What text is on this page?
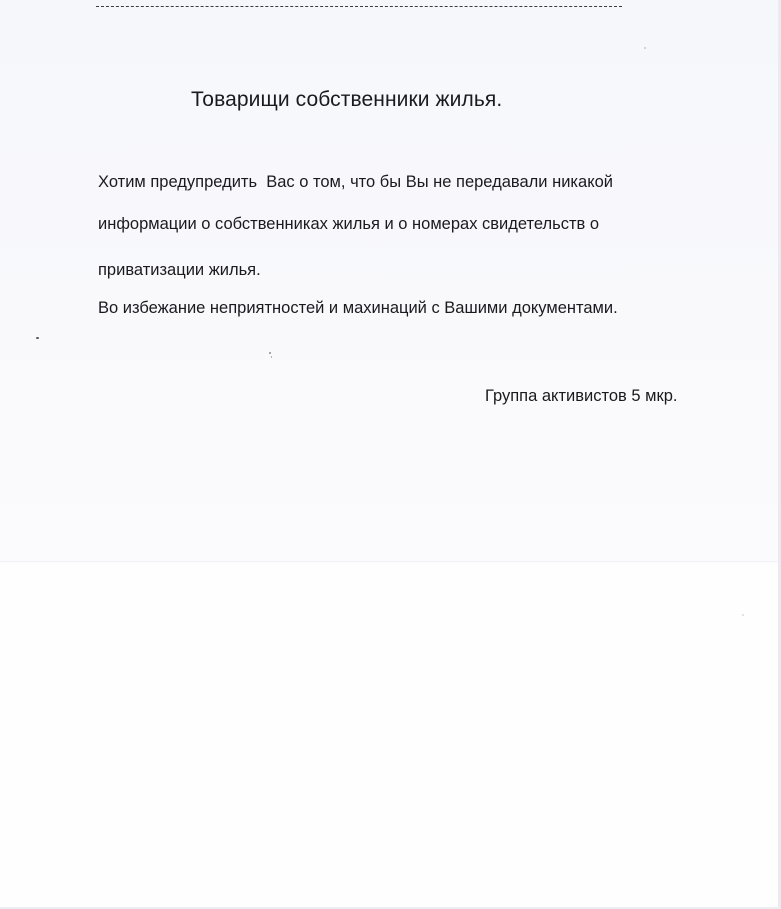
Товарищи собственники жилья.

Хотим предупредить  Вас о том, что бы Вы не передавали никакой

информации о собственниках жилья и о номерах свидетельств о

приватизации жилья.

Во избежание неприятностей и махинаций с Вашими документами.

Группа активистов 5 мкр.
